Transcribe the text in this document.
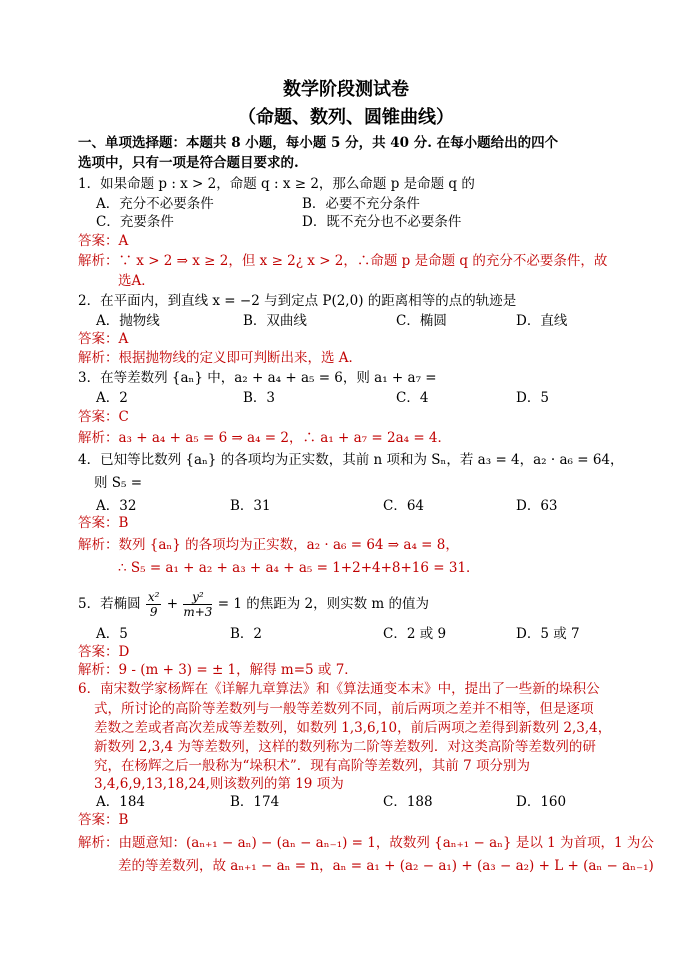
数学阶段测试卷
（命题、数列、圆锥曲线）
一、单项选择题：本题共 8 小题，每小题 5 分，共 40 分. 在每小题给出的四个
选项中，只有一项是符合题目要求的.
1．如果命题 p : x > 2，命题 q : x ≥ 2，那么命题 p 是命题 q 的
A．充分不必要条件	B．必要不充分条件
C．充要条件	D．既不充分也不必要条件
答案：A
解析：∵ x > 2 ⇒ x ≥ 2，但 x ≥ 2¿ x > 2，∴命题 p 是命题 q 的充分不必要条件，故
选A．
2．在平面内，到直线 x = −2 与到定点 P(2,0) 的距离相等的点的轨迹是
A．抛物线	B．双曲线	C．椭圆	D．直线
答案：A
解析：根据抛物线的定义即可判断出来，选 A．
3．在等差数列 {aₙ} 中，a₂ + a₄ + a₅ = 6，则 a₁ + a₇ =
A．2	B．3	C．4	D．5
答案：C
解析：a₃ + a₄ + a₅ = 6 ⇒ a₄ = 2，∴ a₁ + a₇ = 2a₄ = 4．
4．已知等比数列 {aₙ} 的各项均为正实数，其前 n 项和为 Sₙ，若 a₃ = 4，a₂ · a₆ = 64，
则 S₅ =
A．32	B．31	C．64	D．63
答案：B
解析：数列 {aₙ} 的各项均为正实数，a₂ · a₆ = 64 ⇒ a₄ = 8，
∴ S₅ = a₁ + a₂ + a₃ + a₄ + a₅ = 1+2+4+8+16 = 31．
5．若椭圆 $\frac{\text{x²}}{9} + \frac{\text{y²}}{m+3} = 1$ 的焦距为 2，则实数 m 的值为
A．5	B．2	C．2 或 9	D．5 或 7
答案：D
解析：9 - (m + 3) = ± 1，解得 m=5 或 7．
6．南宋数学家杨辉在《详解九章算法》和《算法通变本末》中，提出了一些新的垛积公
式，所讨论的高阶等差数列与一般等差数列不同，前后两项之差并不相等，但是逐项
差数之差或者高次差成等差数列，如数列 1,3,6,10，前后两项之差得到新数列 2,3,4，
新数列 2,3,4 为等差数列，这样的数列称为二阶等差数列．对这类高阶等差数列的研
究，在杨辉之后一般称为“垛积术”．现有高阶等差数列，其前 7 项分别为
3,4,6,9,13,18,24,则该数列的第 19 项为
A．184	B．174	C．188	D．160
答案：B
解析：由题意知：(aₙ₊₁ − aₙ) − (aₙ − aₙ₋₁) = 1，故数列 {aₙ₊₁ − aₙ} 是以 1 为首项，1 为公
差的等差数列，故 aₙ₊₁ − aₙ = n，aₙ = a₁ + (a₂ − a₁) + (a₃ − a₂) + L + (aₙ − aₙ₋₁)
